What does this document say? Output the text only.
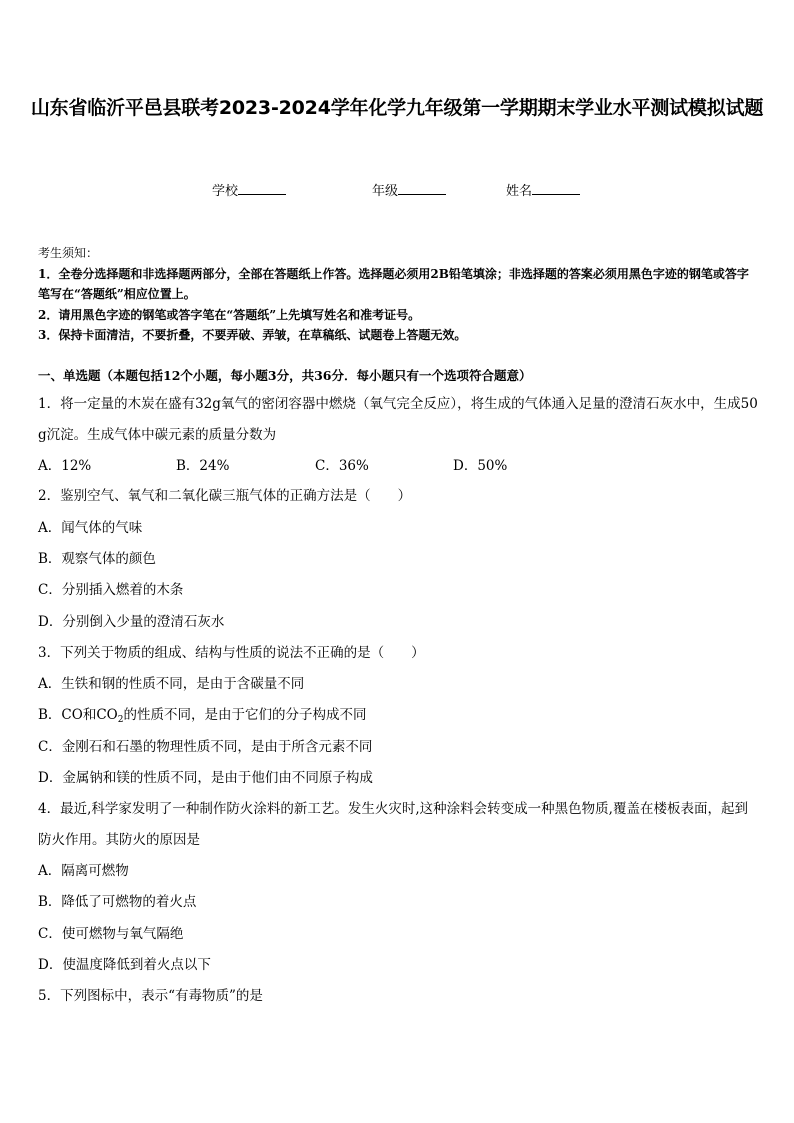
山东省临沂平邑县联考2023-2024学年化学九年级第一学期期末学业水平测试模拟试题
学校	年级	姓名
考生须知：
1．全卷分选择题和非选择题两部分，全部在答题纸上作答。选择题必须用2B铅笔填涂；非选择题的答案必须用黑色字迹的钢笔或答字笔写在“答题纸”相应位置上。
2．请用黑色字迹的钢笔或答字笔在“答题纸”上先填写姓名和准考证号。
3．保持卡面清洁，不要折叠，不要弄破、弄皱，在草稿纸、试题卷上答题无效。
一、单选题（本题包括12个小题，每小题3分，共36分．每小题只有一个选项符合题意）
1．将一定量的木炭在盛有32g氧气的密闭容器中燃烧（氧气完全反应），将生成的气体通入足量的澄清石灰水中，生成50 g沉淀。生成气体中碳元素的质量分数为
A．12%	B．24%	C．36%	D．50%
2．鉴别空气、氧气和二氧化碳三瓶气体的正确方法是（　　）
A．闻气体的气味
B．观察气体的颜色
C．分别插入燃着的木条
D．分别倒入少量的澄清石灰水
3．下列关于物质的组成、结构与性质的说法不正确的是（　　）
A．生铁和钢的性质不同，是由于含碳量不同
B．CO和$CO_2$的性质不同，是由于它们的分子构成不同
C．金刚石和石墨的物理性质不同，是由于所含元素不同
D．金属钠和镁的性质不同，是由于他们由不同原子构成
4．最近,科学家发明了一种制作防火涂料的新工艺。发生火灾时,这种涂料会转变成一种黑色物质,覆盖在楼板表面，起到防火作用。其防火的原因是
A．隔离可燃物
B．降低了可燃物的着火点
C．使可燃物与氧气隔绝
D．使温度降低到着火点以下
5．下列图标中，表示“有毒物质”的是
